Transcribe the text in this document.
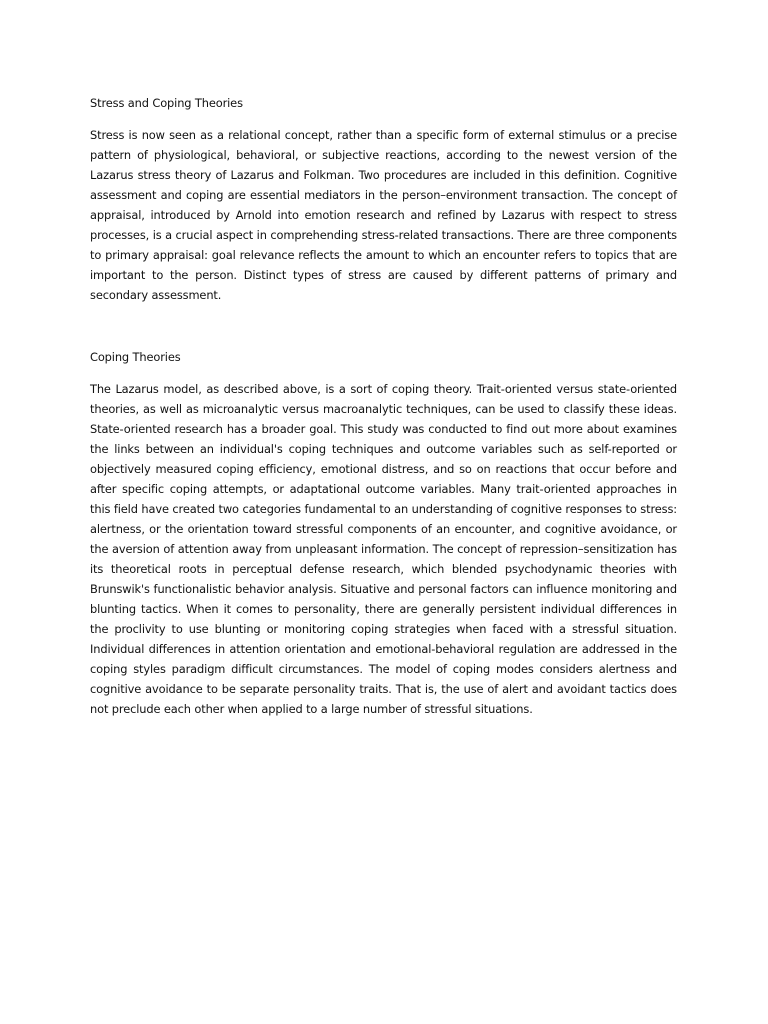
Stress and Coping Theories

Stress is now seen as a relational concept, rather than a specific form of external stimulus or a precise pattern of physiological, behavioral, or subjective reactions, according to the newest version of the Lazarus stress theory of Lazarus and Folkman. Two procedures are included in this definition. Cognitive assessment and coping are essential mediators in the person–environment transaction. The concept of appraisal, introduced by Arnold into emotion research and refined by Lazarus with respect to stress processes, is a crucial aspect in comprehending stress-related transactions. There are three components to primary appraisal: goal relevance reflects the amount to which an encounter refers to topics that are important to the person. Distinct types of stress are caused by different patterns of primary and secondary assessment.

Coping Theories

The Lazarus model, as described above, is a sort of coping theory. Trait-oriented versus state-oriented theories, as well as microanalytic versus macroanalytic techniques, can be used to classify these ideas. State-oriented research has a broader goal. This study was conducted to find out more about examines the links between an individual's coping techniques and outcome variables such as self-reported or objectively measured coping efficiency, emotional distress, and so on reactions that occur before and after specific coping attempts, or adaptational outcome variables. Many trait-oriented approaches in this field have created two categories fundamental to an understanding of cognitive responses to stress: alertness, or the orientation toward stressful components of an encounter, and cognitive avoidance, or the aversion of attention away from unpleasant information. The concept of repression–sensitization has its theoretical roots in perceptual defense research, which blended psychodynamic theories with Brunswik's functionalistic behavior analysis. Situative and personal factors can influence monitoring and blunting tactics. When it comes to personality, there are generally persistent individual differences in the proclivity to use blunting or monitoring coping strategies when faced with a stressful situation. Individual differences in attention orientation and emotional-behavioral regulation are addressed in the coping styles paradigm difficult circumstances. The model of coping modes considers alertness and cognitive avoidance to be separate personality traits. That is, the use of alert and avoidant tactics does not preclude each other when applied to a large number of stressful situations.
